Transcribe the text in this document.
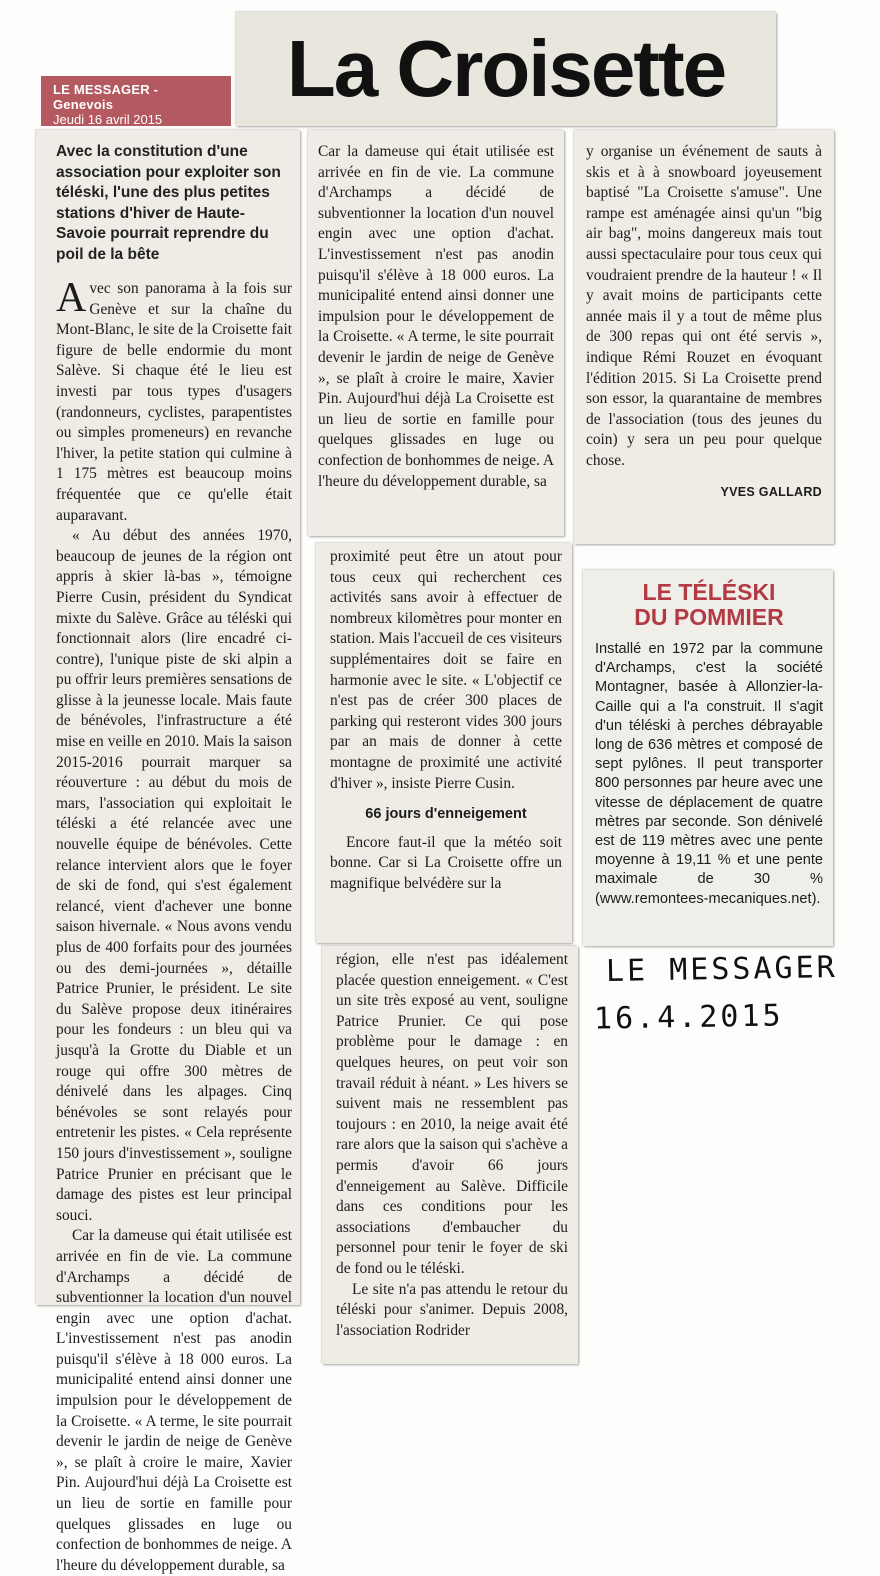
La Croisette
LE MESSAGER - Genevois
Jeudi 16 avril 2015
Avec la constitution d'une association pour exploiter son téléski, l'une des plus petites stations d'hiver de Haute-Savoie pourrait reprendre du poil de la bête

Avec son panorama à la fois sur Genève et sur la chaîne du Mont-Blanc, le site de la Croisette fait figure de belle endormie du mont Salève. Si chaque été le lieu est investi par tous types d'usagers (randonneurs, cyclistes, parapentistes ou simples promeneurs) en revanche l'hiver, la petite station qui culmine à 1 175 mètres est beaucoup moins fréquentée que ce qu'elle était auparavant.

« Au début des années 1970, beaucoup de jeunes de la région ont appris à skier là-bas », témoigne Pierre Cusin, président du Syndicat mixte du Salève. Grâce au téléski qui fonctionnait alors (lire encadré ci-contre), l'unique piste de ski alpin a pu offrir leurs premières sensations de glisse à la jeunesse locale. Mais faute de bénévoles, l'infrastructure a été mise en veille en 2010. Mais la saison 2015-2016 pourrait marquer sa réouverture : au début du mois de mars, l'association qui exploitait le téléski a été relancée avec une nouvelle équipe de bénévoles. Cette relance intervient alors que le foyer de ski de fond, qui s'est également relancé, vient d'achever une bonne saison hivernale. « Nous avons vendu plus de 400 forfaits pour des journées ou des demi-journées », détaille Patrice Prunier, le président. Le site du Salève propose deux itinéraires pour les fondeurs : un bleu qui va jusqu'à la Grotte du Diable et un rouge qui offre 300 mètres de dénivelé dans les alpages. Cinq bénévoles se sont relayés pour entretenir les pistes. « Cela représente 150 jours d'investissement », souligne Patrice Prunier en précisant que le damage des pistes est leur principal souci.

Car la dameuse qui était utilisée est arrivée en fin de vie. La commune d'Archamps a décidé de subventionner la location d'un nouvel engin avec une option d'achat. L'investissement n'est pas anodin puisqu'il s'élève à 18 000 euros. La municipalité entend ainsi donner une impulsion pour le développement de la Croisette. « A terme, le site pourrait devenir le jardin de neige de Genève », se plaît à croire le maire, Xavier Pin. Aujourd'hui déjà La Croisette est un lieu de sortie en famille pour quelques glissades en luge ou confection de bonhommes de neige. A l'heure du développement durable, sa

Car la dameuse qui était utilisée est arrivée en fin de vie. La commune d'Archamps a décidé de subventionner la location d'un nouvel engin avec une option d'achat. L'investissement n'est pas anodin puisqu'il s'élève à 18 000 euros. La municipalité entend ainsi donner une impulsion pour le développement de la Croisette. « A terme, le site pourrait devenir le jardin de neige de Genève », se plaît à croire le maire, Xavier Pin. Aujourd'hui déjà La Croisette est un lieu de sortie en famille pour quelques glissades en luge ou confection de bonhommes de neige. A l'heure du développement durable, sa

proximité peut être un atout pour tous ceux qui recherchent ces activités sans avoir à effectuer de nombreux kilomètres pour monter en station. Mais l'accueil de ces visiteurs supplémentaires doit se faire en harmonie avec le site. « L'objectif ce n'est pas de créer 300 places de parking qui resteront vides 300 jours par an mais de donner à cette montagne de proximité une activité d'hiver », insiste Pierre Cusin.

66 jours d'enneigement

Encore faut-il que la météo soit bonne. Car si La Croisette offre un magnifique belvédère sur la

région, elle n'est pas idéalement placée question enneigement. « C'est un site très exposé au vent, souligne Patrice Prunier. Ce qui pose problème pour le damage : en quelques heures, on peut voir son travail réduit à néant. » Les hivers se suivent mais ne ressemblent pas toujours : en 2010, la neige avait été rare alors que la saison qui s'achève a permis d'avoir 66 jours d'enneigement au Salève. Difficile dans ces conditions pour les associations d'embaucher du personnel pour tenir le foyer de ski de fond ou le téléski.

Le site n'a pas attendu le retour du téléski pour s'animer. Depuis 2008, l'association Rodrider

y organise un événement de sauts à skis et à à snowboard joyeusement baptisé "La Croisette s'amuse". Une rampe est aménagée ainsi qu'un "big air bag", moins dangereux mais tout aussi spectaculaire pour tous ceux qui voudraient prendre de la hauteur ! « Il y avait moins de participants cette année mais il y a tout de même plus de 300 repas qui ont été servis », indique Rémi Rouzet en évoquant l'édition 2015. Si La Croisette prend son essor, la quarantaine de membres de l'association (tous des jeunes du coin) y sera un peu pour quelque chose.

YVES GALLARD
LE TÉLÉSKI
DU POMMIER
Installé en 1972 par la commune d'Archamps, c'est la société Montagner, basée à Allonzier-la-Caille qui a l'a construit. Il s'agit d'un téléski à perches débrayable long de 636 mètres et composé de sept pylônes. Il peut transporter 800 personnes par heure avec une vitesse de déplacement de quatre mètres par seconde. Son dénivelé est de 119 mètres avec une pente moyenne à 19,11 % et une pente maximale de 30 % (www.remontees-mecaniques.net).
LE MESSAGER
16.4.2015
